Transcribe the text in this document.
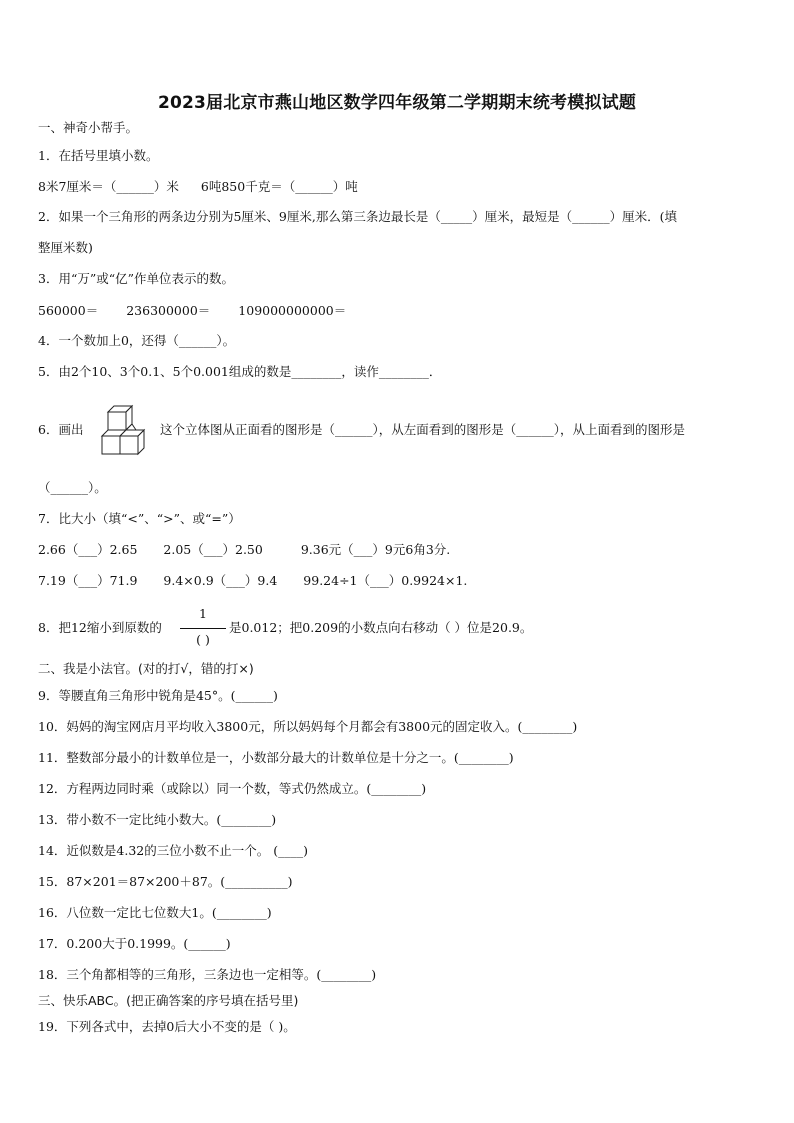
2023届北京市燕山地区数学四年级第二学期期末统考模拟试题
一、神奇小帮手。
1．在括号里填小数。
8米7厘米＝（______）米 6吨850千克＝（______）吨
2．如果一个三角形的两条边分别为5厘米、9厘米,那么第三条边最长是（_____）厘米，最短是（______）厘米．(填
整厘米数)
3．用“万”或“亿”作单位表示的数。
560000＝ 236300000＝ 109000000000＝
4．一个数加上0，还得（______）。
5．由2个10、3个0.1、5个0.001组成的数是________，读作________．
6．画出	这个立体图从正面看的图形是（______），从左面看到的图形是（______），从上面看到的图形是
（______）。
7．比大小（填“<”、“>”、或“=”）
2.66（___）2.65 2.05（___）2.50	9.36元（___）9元6角3分.
7.19（___）71.9 9.4×0.9（___）9.4 99.24÷1（___）0.9924×1.
8．把12缩小到原数的
1
( )
是0.012；把0.209的小数点向右移动（ ）位是20.9。
二、我是小法官。(对的打√，错的打×)
9．等腰直角三角形中锐角是45°。(______)
10．妈妈的淘宝网店月平均收入3800元，所以妈妈每个月都会有3800元的固定收入。(________)
11．整数部分最小的计数单位是一，小数部分最大的计数单位是十分之一。(________)
12．方程两边同时乘（或除以）同一个数，等式仍然成立。(________)
13．带小数不一定比纯小数大。(________)
14．近似数是4.32的三位小数不止一个。 (____)
15．87×201＝87×200＋87。(__________)
16．八位数一定比七位数大1。(________)
17．0.200大于0.1999。(______)
18．三个角都相等的三角形，三条边也一定相等。(________)
三、快乐ABC。(把正确答案的序号填在括号里)
19．下列各式中，去掉0后大小不变的是（ )。
